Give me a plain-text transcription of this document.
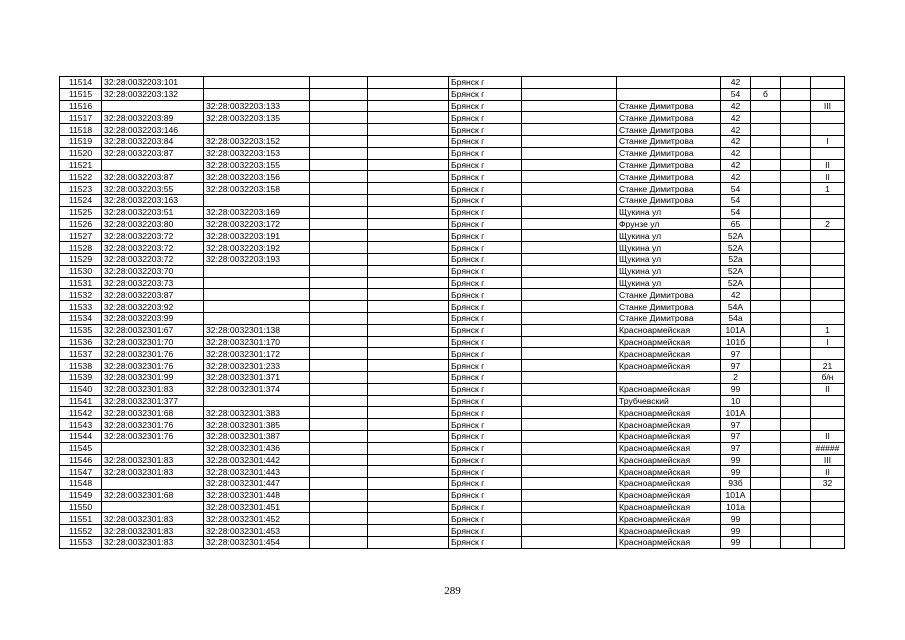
11514	32:28:0032203:101				Брянск г			42			
11515	32:28:0032203:132				Брянск г			54	б		
11516		32:28:0032203:133			Брянск г		Станке Димитрова	42			III
11517	32:28:0032203:89	32:28:0032203:135			Брянск г		Станке Димитрова	42			
11518	32:28:0032203:146				Брянск г		Станке Димитрова	42			
11519	32:28:0032203:84	32:28:0032203:152			Брянск г		Станке Димитрова	42			I
11520	32:28:0032203:87	32:28:0032203:153			Брянск г		Станке Димитрова	42			
11521		32:28:0032203:155			Брянск г		Станке Димитрова	42			II
11522	32:28:0032203:87	32:28:0032203:156			Брянск г		Станке Димитрова	42			II
11523	32:28:0032203:55	32:28:0032203:158			Брянск г		Станке Димитрова	54			1
11524	32:28:0032203:163				Брянск г		Станке Димитрова	54			
11525	32:28:0032203:51	32:28:0032203:169			Брянск г		Щукина ул	54			
11526	32:28:0032203:80	32:28:0032203:172			Брянск г		Фрунзе ул	65			2
11527	32:28:0032203:72	32:28:0032203:191			Брянск г		Щукина ул	52А			
11528	32:28:0032203:72	32:28:0032203:192			Брянск г		Щукина ул	52А			
11529	32:28:0032203:72	32:28:0032203:193			Брянск г		Щукина ул	52а			
11530	32:28:0032203:70				Брянск г		Щукина ул	52А			
11531	32:28:0032203:73				Брянск г		Щукина ул	52А			
11532	32:28:0032203:87				Брянск г		Станке Димитрова	42			
11533	32:28:0032203:92				Брянск г		Станке Димитрова	54А			
11534	32:28:0032203:99				Брянск г		Станке Димитрова	54а			
11535	32:28:0032301:67	32:28:0032301:138			Брянск г		Красноармейская	101А			1
11536	32:28:0032301:70	32:28:0032301:170			Брянск г		Красноармейская	101б			I
11537	32:28:0032301:76	32:28:0032301:172			Брянск г		Красноармейская	97			
11538	32:28:0032301:76	32:28:0032301:233			Брянск г		Красноармейская	97			21
11539	32:28:0032301:99	32:28:0032301:371			Брянск г			2			б/н
11540	32:28:0032301:83	32:28:0032301:374			Брянск г		Красноармейская	99			II
11541	32:28:0032301:377				Брянск г		Трубчевский	10			
11542	32:28:0032301:68	32:28:0032301:383			Брянск г		Красноармейская	101А			
11543	32:28:0032301:76	32:28:0032301:385			Брянск г		Красноармейская	97			
11544	32:28:0032301:76	32:28:0032301:387			Брянск г		Красноармейская	97			II
11545		32:28:0032301:436			Брянск г		Красноармейская	97			#####
11546	32:28:0032301:83	32:28:0032301:442			Брянск г		Красноармейская	99			III
11547	32:28:0032301:83	32:28:0032301:443			Брянск г		Красноармейская	99			II
11548		32:28:0032301:447			Брянск г		Красноармейская	93б			32
11549	32:28:0032301:68	32:28:0032301:448			Брянск г		Красноармейская	101А			
11550		32:28:0032301:451			Брянск г		Красноармейская	101а			
11551	32:28:0032301:83	32:28:0032301:452			Брянск г		Красноармейская	99			
11552	32:28:0032301:83	32:28:0032301:453			Брянск г		Красноармейская	99			
11553	32:28:0032301:83	32:28:0032301:454			Брянск г		Красноармейская	99			
289
